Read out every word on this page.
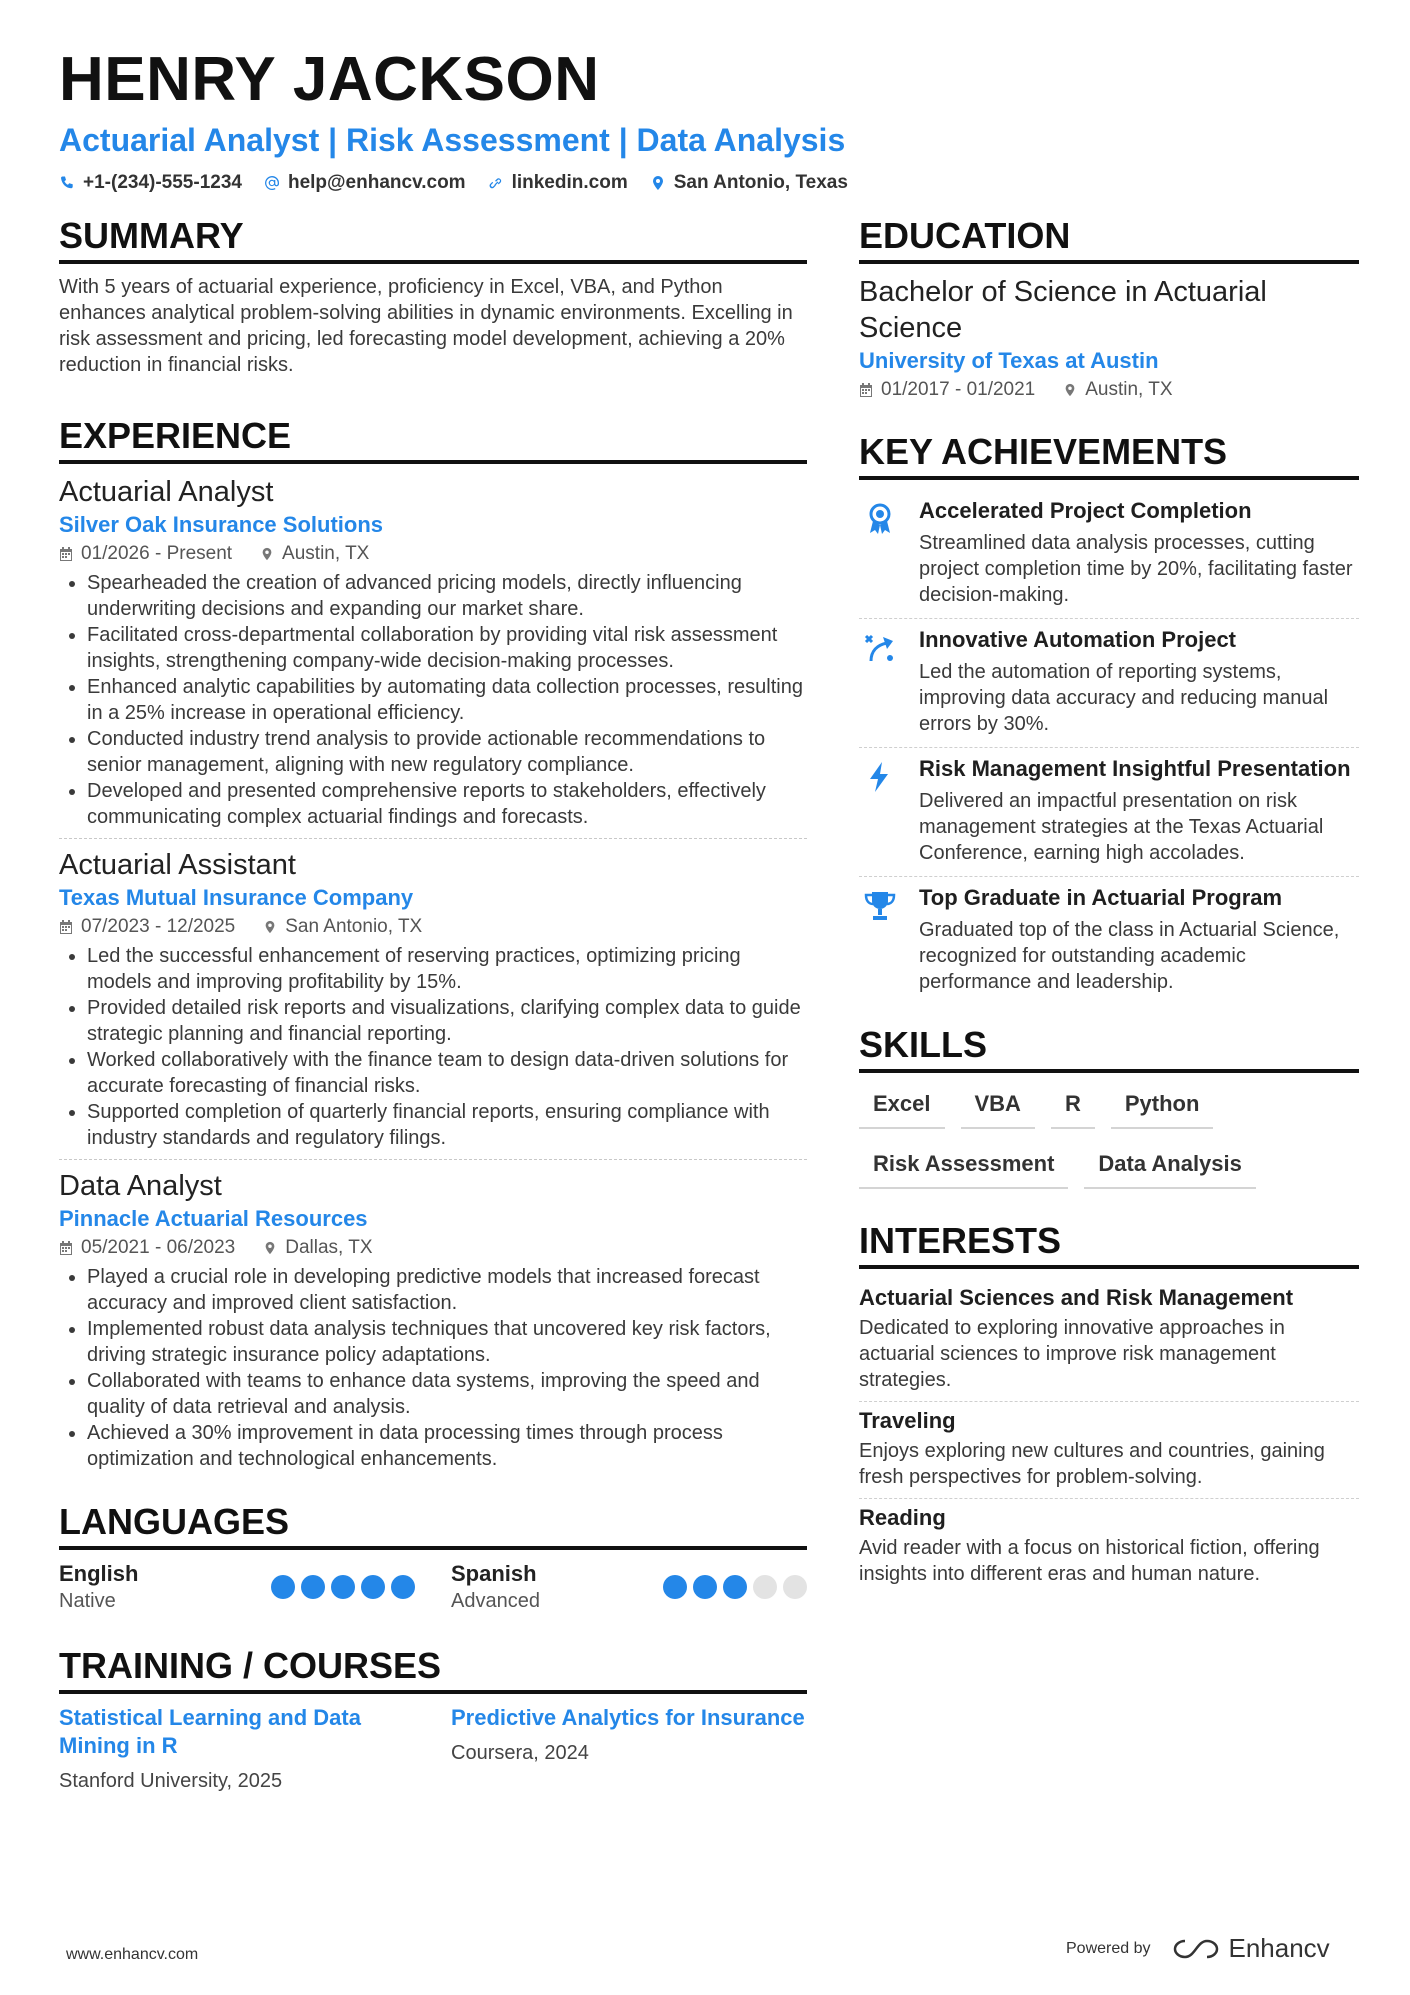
HENRY JACKSON
Actuarial Analyst | Risk Assessment | Data Analysis
+1-(234)-555-1234 help@enhancv.com linkedin.com San Antonio, Texas
SUMMARY
With 5 years of actuarial experience, proficiency in Excel, VBA, and Python enhances analytical problem-solving abilities in dynamic environments. Excelling in risk assessment and pricing, led forecasting model development, achieving a 20% reduction in financial risks.
EXPERIENCE
Actuarial Analyst
Silver Oak Insurance Solutions
01/2026 - Present	Austin, TX
• Spearheaded the creation of advanced pricing models, directly influencing underwriting decisions and expanding our market share.
• Facilitated cross-departmental collaboration by providing vital risk assessment insights, strengthening company-wide decision-making processes.
• Enhanced analytic capabilities by automating data collection processes, resulting in a 25% increase in operational efficiency.
• Conducted industry trend analysis to provide actionable recommendations to senior management, aligning with new regulatory compliance.
• Developed and presented comprehensive reports to stakeholders, effectively communicating complex actuarial findings and forecasts.
Actuarial Assistant
Texas Mutual Insurance Company
07/2023 - 12/2025	San Antonio, TX
• Led the successful enhancement of reserving practices, optimizing pricing models and improving profitability by 15%.
• Provided detailed risk reports and visualizations, clarifying complex data to guide strategic planning and financial reporting.
• Worked collaboratively with the finance team to design data-driven solutions for accurate forecasting of financial risks.
• Supported completion of quarterly financial reports, ensuring compliance with industry standards and regulatory filings.
Data Analyst
Pinnacle Actuarial Resources
05/2021 - 06/2023	Dallas, TX
• Played a crucial role in developing predictive models that increased forecast accuracy and improved client satisfaction.
• Implemented robust data analysis techniques that uncovered key risk factors, driving strategic insurance policy adaptations.
• Collaborated with teams to enhance data systems, improving the speed and quality of data retrieval and analysis.
• Achieved a 30% improvement in data processing times through process optimization and technological enhancements.
LANGUAGES
English
Native
Spanish
Advanced
TRAINING / COURSES
Statistical Learning and Data Mining in R
Stanford University, 2025
Predictive Analytics for Insurance
Coursera, 2024
EDUCATION
Bachelor of Science in Actuarial Science
University of Texas at Austin
01/2017 - 01/2021	Austin, TX
KEY ACHIEVEMENTS
Accelerated Project Completion
Streamlined data analysis processes, cutting project completion time by 20%, facilitating faster decision-making.
Innovative Automation Project
Led the automation of reporting systems, improving data accuracy and reducing manual errors by 30%.
Risk Management Insightful Presentation
Delivered an impactful presentation on risk management strategies at the Texas Actuarial Conference, earning high accolades.
Top Graduate in Actuarial Program
Graduated top of the class in Actuarial Science, recognized for outstanding academic performance and leadership.
SKILLS
Excel	VBA	R	Python
Risk Assessment	Data Analysis
INTERESTS
Actuarial Sciences and Risk Management
Dedicated to exploring innovative approaches in actuarial sciences to improve risk management strategies.
Traveling
Enjoys exploring new cultures and countries, gaining fresh perspectives for problem-solving.
Reading
Avid reader with a focus on historical fiction, offering insights into different eras and human nature.
www.enhancv.com	Powered by	Enhancv
